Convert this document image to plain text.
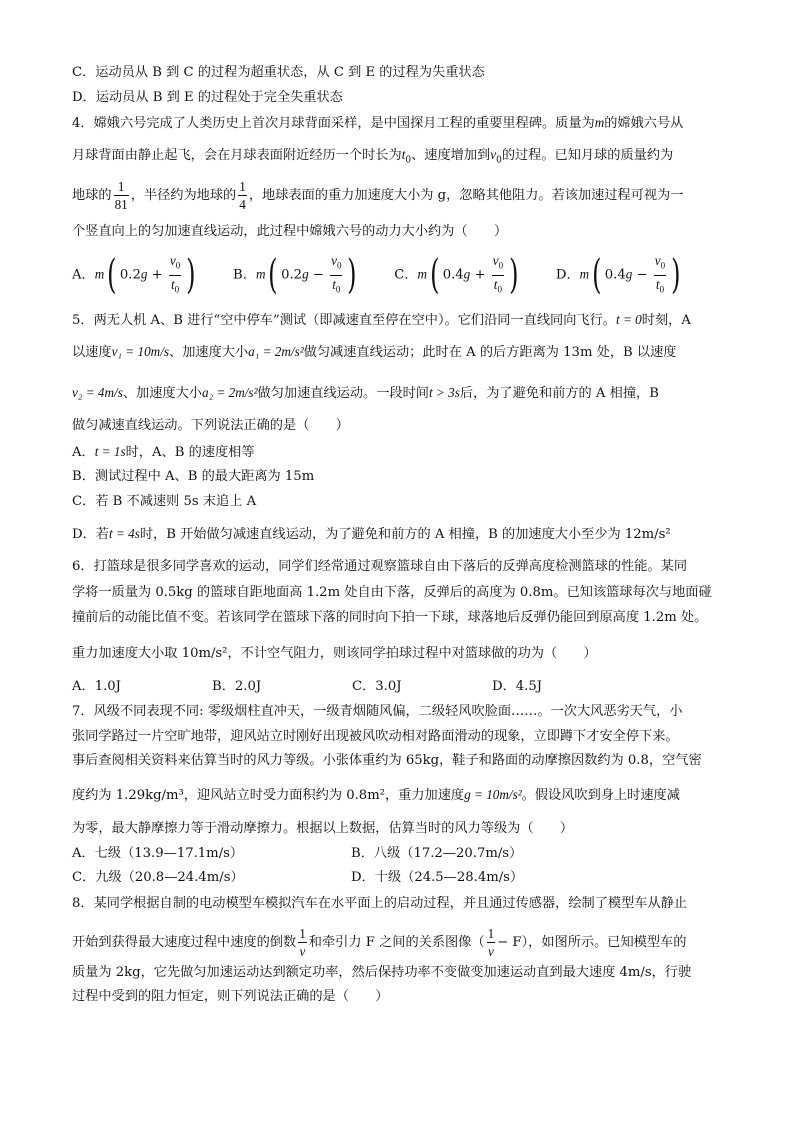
C．运动员从 B 到 C 的过程为超重状态，从 C 到 E 的过程为失重状态
D．运动员从 B 到 E 的过程处于完全失重状态
4．嫦娥六号完成了人类历史上首次月球背面采样，是中国探月工程的重要里程碑。质量为m的嫦娥六号从
月球背面由静止起飞，会在月球表面附近经历一个时长为$t_0$、速度增加到$v_0$的过程。已知月球的质量约为
地球的 $\frac{1}{81}$ ，半径约为地球的 $\frac{1}{4}$ ，地球表面的重力加速度大小为 g，忽略其他阻力。若该加速过程可视为一
个竖直向上的匀加速直线运动，此过程中嫦娥六号的动力大小约为（　　）
A．m( $0.2g + \frac{v_0}{t_0}$ )	B．m( $0.2g - \frac{v_0}{t_0}$ )	C．m( $0.4g + \frac{v_0}{t_0}$ )	D．m( $0.4g - \frac{v_0}{t_0}$ )
5．两无人机 A、B 进行“空中停车”测试（即减速直至停在空中）。它们沿同一直线同向飞行。t = 0时刻，A
以速度v₁ = 10m/s、加速度大小a₁ = 2m/s²做匀减速直线运动；此时在 A 的后方距离为 13m 处，B 以速度
v₂ = 4m/s、加速度大小a₂ = 2m/s²做匀加速直线运动。一段时间t > 3s后，为了避免和前方的 A 相撞，B
做匀减速直线运动。下列说法正确的是（　　）
A．t = 1s时，A、B 的速度相等
B．测试过程中 A、B 的最大距离为 15m
C．若 B 不减速则 5s 末追上 A
D．若t = 4s时，B 开始做匀减速直线运动，为了避免和前方的 A 相撞，B 的加速度大小至少为 12m/s²
6．打篮球是很多同学喜欢的运动，同学们经常通过观察篮球自由下落后的反弹高度检测篮球的性能。某同
学将一质量为 0.5kg 的篮球自距地面高 1.2m 处自由下落，反弹后的高度为 0.8m。已知该篮球每次与地面碰
撞前后的动能比值不变。若该同学在篮球下落的同时向下拍一下球，球落地后反弹仍能回到原高度 1.2m 处。
重力加速度大小取 10m/s²，不计空气阻力，则该同学拍球过程中对篮球做的功为（　　）
A．1.0J	B．2.0J	C．3.0J	D．4.5J
7．风级不同表现不同: 零级烟柱直冲天，一级青烟随风偏，二级轻风吹脸面……。一次大风恶劣天气，小
张同学路过一片空旷地带，迎风站立时刚好出现被风吹动相对路面滑动的现象，立即蹲下才安全停下来。
事后查阅相关资料来估算当时的风力等级。小张体重约为 65kg，鞋子和路面的动摩擦因数约为 0.8，空气密
度约为 1.29kg/m³，迎风站立时受力面积约为 0.8m²，重力加速度g = 10m/s²。假设风吹到身上时速度减
为零，最大静摩擦力等于滑动摩擦力。根据以上数据，估算当时的风力等级为（　　）
A．七级（13.9—17.1m/s）	B．八级（17.2—20.7m/s）
C．九级（20.8—24.4m/s）	D．十级（24.5—28.4m/s）
8．某同学根据自制的电动模型车模拟汽车在水平面上的启动过程，并且通过传感器，绘制了模型车从静止
开始到获得最大速度过程中速度的倒数 $\frac{1}{v}$ 和牵引力 F 之间的关系图像（ $\frac{1}{v} - F$），如图所示。已知模型车的
质量为 2kg，它先做匀加速运动达到额定功率，然后保持功率不变做变加速运动直到最大速度 4m/s，行驶
过程中受到的阻力恒定，则下列说法正确的是（　　）
